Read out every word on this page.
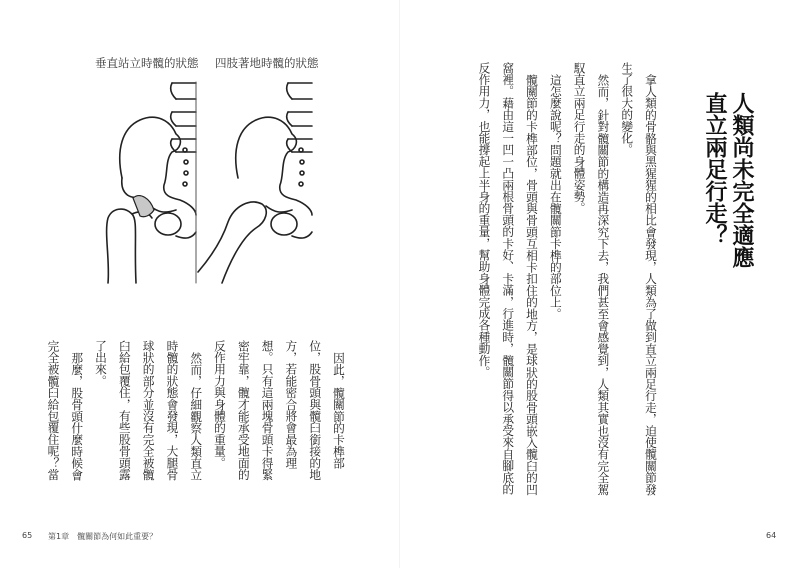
垂直站立時髖的狀態 四肢著地時髖的狀態
因此，髖關節的卡榫部
位，股骨頭與髖臼銜接的地
方，若能密合將會最為理
想。只有這兩塊骨頭卡得緊
密牢靠，髖才能承受地面的
反作用力與身體的重量。
然而，仔細觀察人類直立
時髖的狀態會發現，大腿骨
球狀的部分並沒有完全被髖
臼給包覆住，有些股骨頭露
了出來。
那麼，股骨頭什麼時候會
完全被髖臼給包覆住呢？當
65 第1章　髖關節為何如此重要？
人類尚未完全適應
直立兩足行走？
拿人類的骨骼與黑猩猩的相比會發現，人類為了做到直立兩足行走，迫使髖關節發
生了很大的變化。
然而，針對髖關節的構造再深究下去，我們甚至會感覺到，人類其實也沒有完全駕
馭直立兩足行走的身體姿勢。
這怎麼說呢？問題就出在髖關節卡榫的部位上。
髖關節的卡榫部位，骨頭與骨頭互相卡扣住的地方，是球狀的股骨頭嵌入髖臼的凹
窩裡。藉由這一凹一凸兩根骨頭的卡好、卡滿，行進時，髖關節得以承受來自腳底的
反作用力，也能撐起上半身的重量，幫助身體完成各種動作。
64
